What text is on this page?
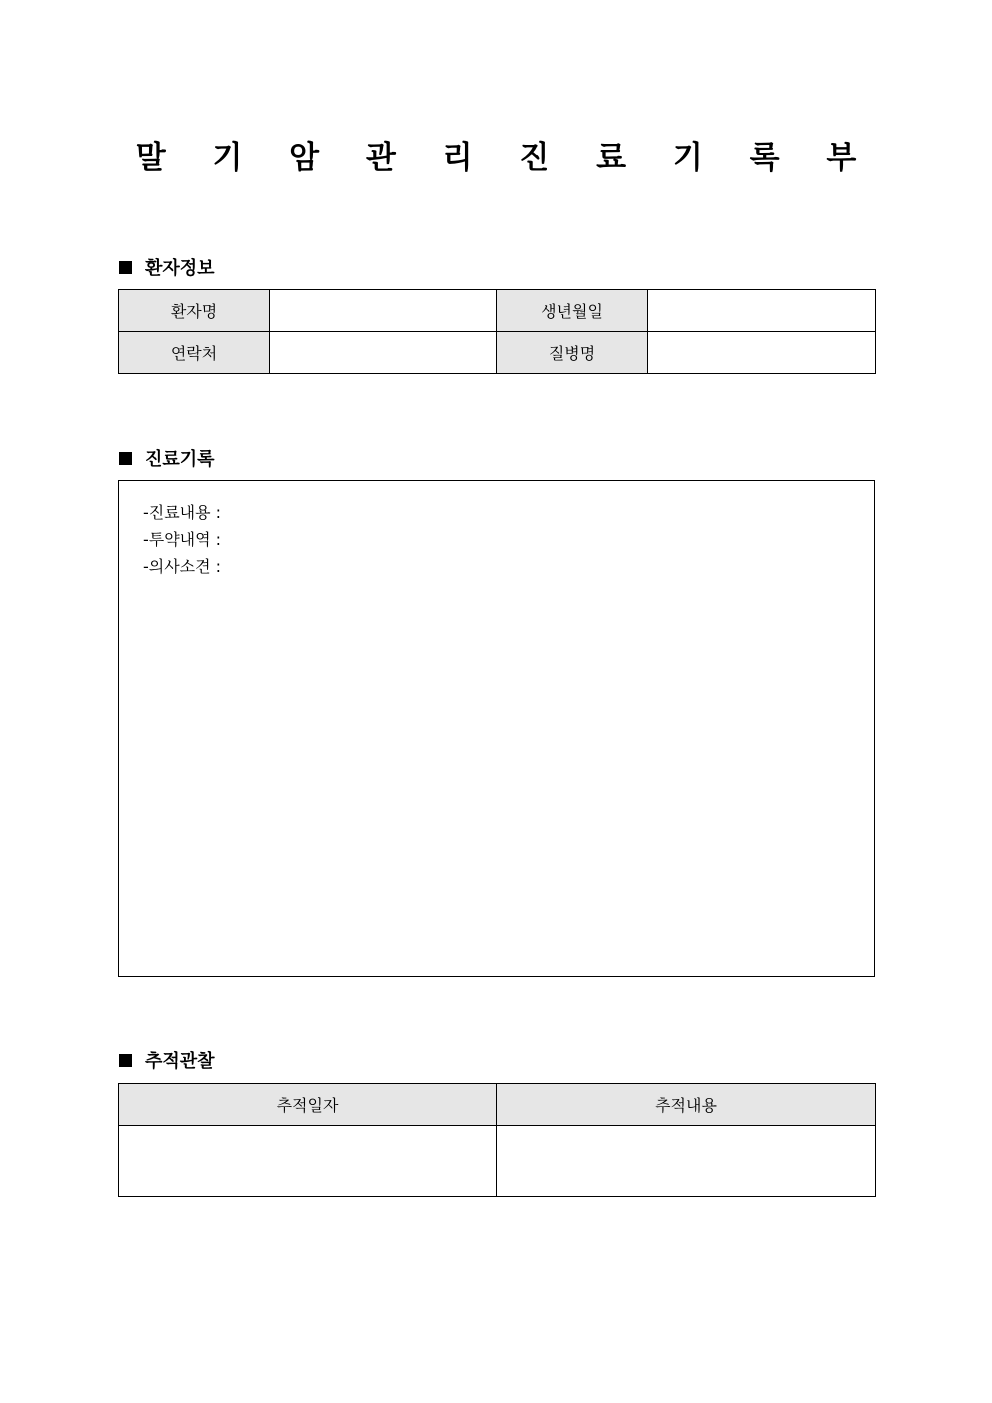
말 기 암 관 리 진 료 기 록 부
환자정보
환자명		생년월일	
연락처		질병명	
진료기록
-진료내용 :
-투약내역 :
-의사소견 :
추적관찰
추적일자	추적내용
